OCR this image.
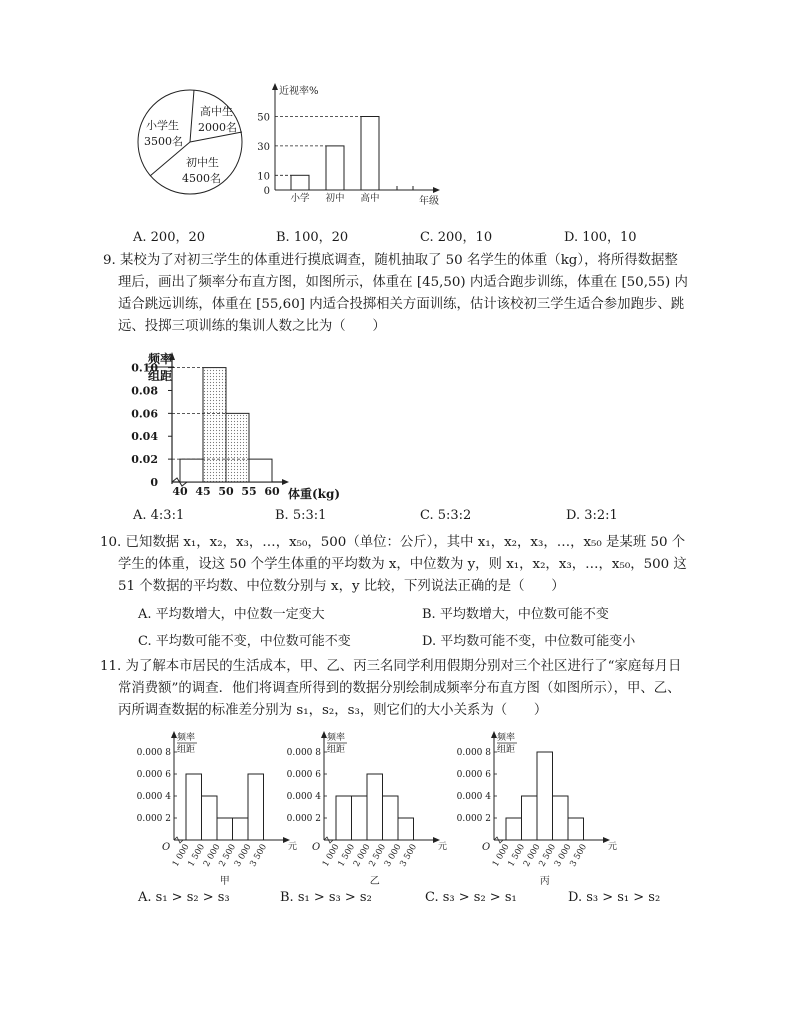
小学生
3500名
高中生
2000名
初中生
4500名
近视率%
年级
50
30
10
0
小学 初中 高中
A. 200，20	B. 100，20	C. 200，10	D. 100，10
9. 某校为了对初三学生的体重进行摸底调查，随机抽取了 50 名学生的体重（kg），将所得数据整
理后，画出了频率分布直方图，如图所示，体重在 [45,50) 内适合跑步训练，体重在 [50,55) 内
适合跳远训练，体重在 [55,60] 内适合投掷相关方面训练，估计该校初三学生适合参加跑步、跳
远、投掷三项训练的集训人数之比为（　　）
频率
组距
0.10
0.08
0.06
0.04
0.02
0
40 45 50 55 60 体重(kg)
A. 4:3:1	B. 5:3:1	C. 5:3:2	D. 3:2:1
10. 已知数据 x₁，x₂，x₃，…，x₅₀，500（单位：公斤），其中 x₁，x₂，x₃，…，x₅₀ 是某班 50 个
学生的体重，设这 50 个学生体重的平均数为 x，中位数为 y，则 x₁，x₂，x₃，…，x₅₀，500 这
51 个数据的平均数、中位数分别与 x，y 比较，下列说法正确的是（　　）
A. 平均数增大，中位数一定变大	B. 平均数增大，中位数可能不变
C. 平均数可能不变，中位数可能不变	D. 平均数可能不变，中位数可能变小
11. 为了解本市居民的生活成本，甲、乙、丙三名同学利用假期分别对三个社区进行了“家庭每月日
常消费额”的调查．他们将调查所得到的数据分别绘制成频率分布直方图（如图所示），甲、乙、
丙所调查数据的标准差分别为 s₁，s₂，s₃，则它们的大小关系为（　　）
频率
组距
0.000 8
0.000 6
0.000 4
0.000 2
O 1 000
1 500
2 000
2 500
3 000
3 500 元
甲
频率
组距
0.000 8
0.000 6
0.000 4
0.000 2
O 1 000
1 500
2 000
2 500
3 000
3 500 元
乙
频率
组距
0.000 8
0.000 6
0.000 4
0.000 2
O 1 000
1 500
2 000
2 500
3 000
3 500 元
丙
A. s₁ > s₂ > s₃	B. s₁ > s₃ > s₂	C. s₃ > s₂ > s₁	D. s₃ > s₁ > s₂
